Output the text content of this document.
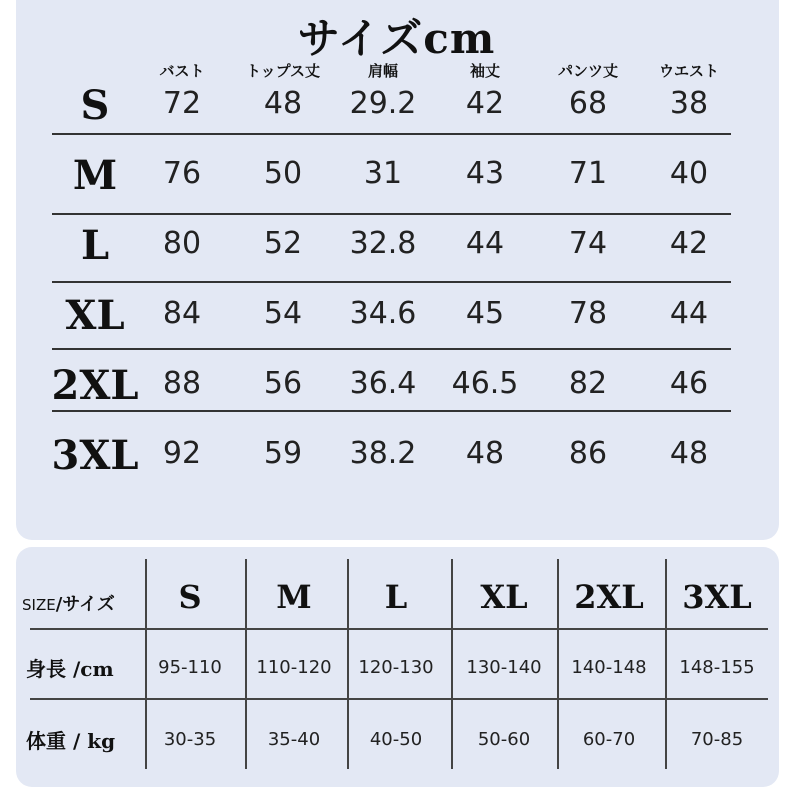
サイズcm
SIZE/サイズ
バスト	トップス丈	肩幅	袖丈	パンツ丈	ウエスト
S 72 48 29.2 42 68 38
M 76 50 31 43 71 40
L 80 52 32.8 44 74 42
XL 84 54 34.6 45 78 44
2XL 88 56 36.4 46.5 82 46
3XL 92 59 38.2 48 86 48
S M L XL 2XL 3XL
身長 /cm 95-110 110-120 120-130 130-140 140-148 148-155
体重 / kg	30-35	35-40	40-50	50-60	60-70	70-85
